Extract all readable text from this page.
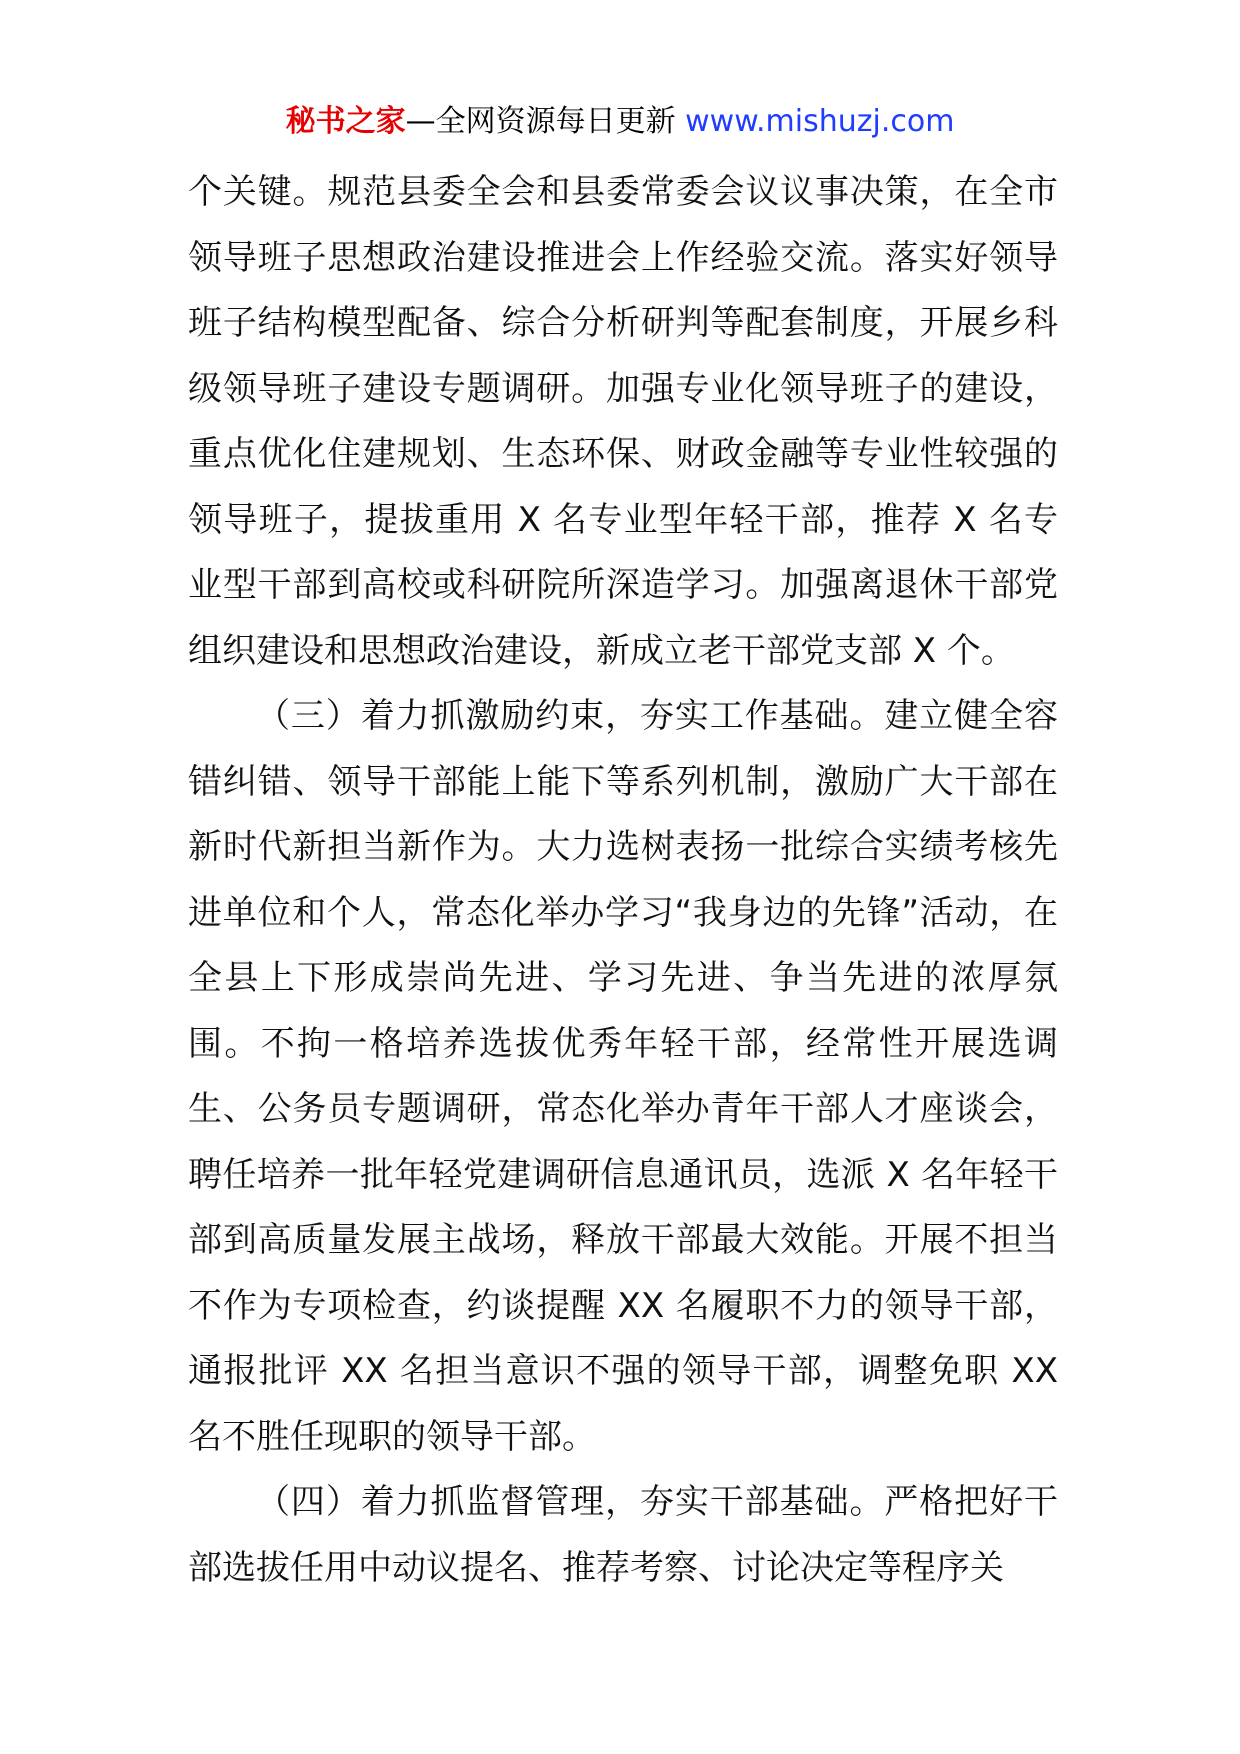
秘书之家—全网资源每日更新 www.mishuzj.com

个关键。规范县委全会和县委常委会议议事决策，在全市领导班子思想政治建设推进会上作经验交流。落实好领导班子结构模型配备、综合分析研判等配套制度，开展乡科级领导班子建设专题调研。加强专业化领导班子的建设，重点优化住建规划、生态环保、财政金融等专业性较强的领导班子，提拔重用 X 名专业型年轻干部，推荐 X 名专业型干部到高校或科研院所深造学习。加强离退休干部党组织建设和思想政治建设，新成立老干部党支部 X 个。

（三）着力抓激励约束，夯实工作基础。建立健全容错纠错、领导干部能上能下等系列机制，激励广大干部在新时代新担当新作为。大力选树表扬一批综合实绩考核先进单位和个人，常态化举办学习“我身边的先锋”活动，在全县上下形成崇尚先进、学习先进、争当先进的浓厚氛围。不拘一格培养选拔优秀年轻干部，经常性开展选调生、公务员专题调研，常态化举办青年干部人才座谈会，聘任培养一批年轻党建调研信息通讯员，选派 X 名年轻干部到高质量发展主战场，释放干部最大效能。开展不担当不作为专项检查，约谈提醒 XX 名履职不力的领导干部，通报批评 XX 名担当意识不强的领导干部，调整免职 XX 名不胜任现职的领导干部。

（四）着力抓监督管理，夯实干部基础。严格把好干部选拔任用中动议提名、推荐考察、讨论决定等程序关
